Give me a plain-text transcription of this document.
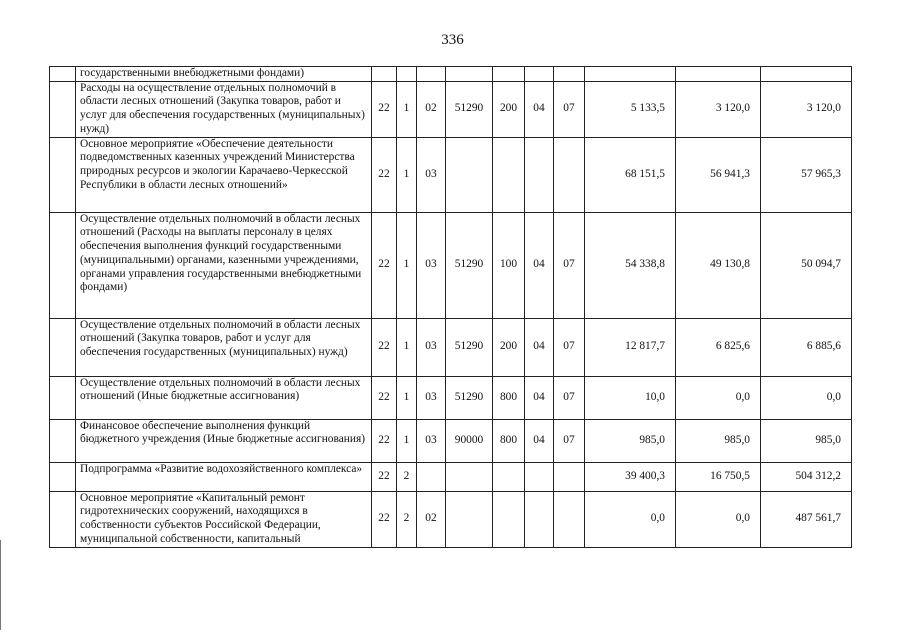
336
	государственными внебюджетными фондами)										
	Расходы на осуществление отдельных полномочий в области лесных отношений (Закупка товаров, работ и услуг для обеспечения государственных (муниципальных) нужд)	22	1	02	51290	200	04	07	5 133,5	3 120,0	3 120,0
	Основное мероприятие «Обеспечение деятельности подведомственных казенных учреждений Министерства природных ресурсов и экологии Карачаево-Черкесской Республики в области лесных отношений»	22	1	03					68 151,5	56 941,3	57 965,3
	Осуществление отдельных полномочий в области лесных отношений (Расходы на выплаты персоналу в целях обеспечения выполнения функций государственными (муниципальными) органами, казенными учреждениями, органами управления государственными внебюджетными фондами)	22	1	03	51290	100	04	07	54 338,8	49 130,8	50 094,7
	Осуществление отдельных полномочий в области лесных отношений (Закупка товаров, работ и услуг для обеспечения государственных (муниципальных) нужд)	22	1	03	51290	200	04	07	12 817,7	6 825,6	6 885,6
	Осуществление отдельных полномочий в области лесных отношений (Иные бюджетные ассигнования)	22	1	03	51290	800	04	07	10,0	0,0	0,0
	Финансовое обеспечение выполнения функций бюджетного учреждения (Иные бюджетные ассигнования)	22	1	03	90000	800	04	07	985,0	985,0	985,0
	Подпрограмма «Развитие водохозяйственного комплекса»	22	2						39 400,3	16 750,5	504 312,2
	Основное мероприятие «Капитальный ремонт гидротехнических сооружений, находящихся в собственности субъектов Российской Федерации, муниципальной собственности, капитальный	22	2	02					0,0	0,0	487 561,7
